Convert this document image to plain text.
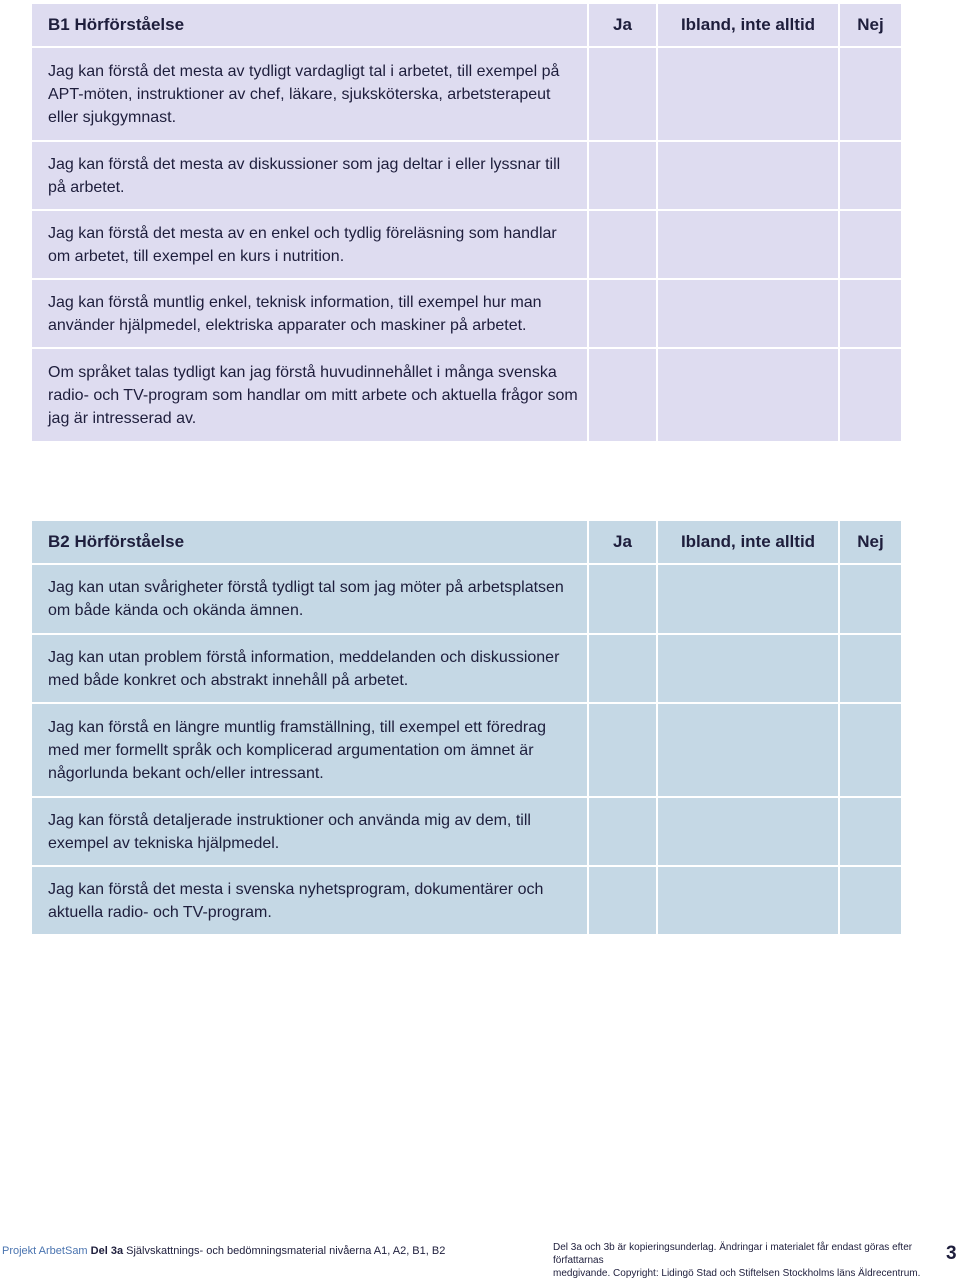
B1 Hörförståelse	Ja	Ibland, inte alltid	Nej
Jag kan förstå det mesta av tydligt vardagligt tal i arbetet, till exempel på APT-möten, instruktioner av chef, läkare, sjuksköterska, arbetsterapeut eller sjukgymnast.			
Jag kan förstå det mesta av diskussioner som jag deltar i eller lyssnar till på arbetet.			
Jag kan förstå det mesta av en enkel och tydlig föreläsning som handlar om arbetet, till exempel en kurs i nutrition.			
Jag kan förstå muntlig enkel, teknisk information, till exempel hur man använder hjälpmedel, elektriska apparater och maskiner på arbetet.			
Om språket talas tydligt kan jag förstå huvudinnehållet i många svenska radio- och TV-program som handlar om mitt arbete och aktuella frågor som jag är intresserad av.			
B2 Hörförståelse	Ja	Ibland, inte alltid	Nej
Jag kan utan svårigheter förstå tydligt tal som jag möter på arbetsplatsen om både kända och okända ämnen.			
Jag kan utan problem förstå information, meddelanden och diskussioner med både konkret och abstrakt innehåll på arbetet.			
Jag kan förstå en längre muntlig framställning, till exempel ett föredrag med mer formellt språk och komplicerad argumentation om ämnet är någorlunda bekant och/eller intressant.			
Jag kan förstå detaljerade instruktioner och använda mig av dem, till exempel av tekniska hjälpmedel.			
Jag kan förstå det mesta i svenska nyhetsprogram, dokumentärer och aktuella radio- och TV-program.			
Projekt ArbetSam Del 3a Självskattnings- och bedömningsmaterial nivåerna A1, A2, B1, B2	Del 3a och 3b är kopieringsunderlag. Ändringar i materialet får endast göras efter författarnas
medgivande. Copyright: Lidingö Stad och Stiftelsen Stockholms läns Äldrecentrum.
3
